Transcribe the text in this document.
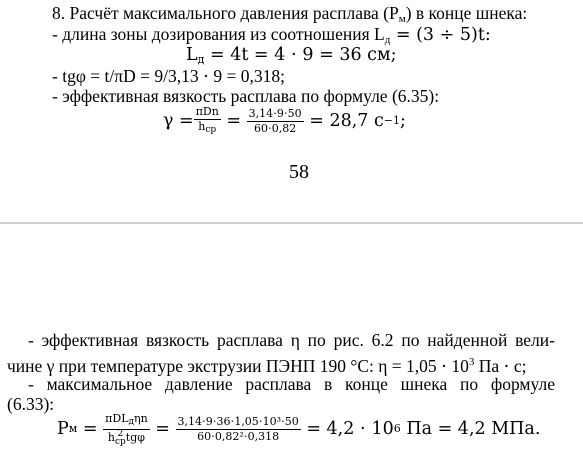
8. Расчёт максимального давления расплава $(Р_м)$ в конце шнека:
- длина зоны дозирования из соотношения $L_д = (3 \div 5)t$:
$L_д = 4t = 4 \cdot 9 = 36$ см;
- tgφ = t/πD = 9/3,13 ⋅ 9 = 0,318;
- эффективная вязкость расплава по формуле (6.35):
$\gamma = \frac{\text{πDn}}{\text{hср}} = \frac{3,14\cdot 9\cdot 50}{60\cdot 0,82} = 28,7$ с −1 ;
58
- эффективная вязкость расплава η по рис. 6.2 по найденной вели-
чине γ при температуре экструзии ПЭНП 190 °С: $\eta = 1,05 \cdot 10^3$ Па ⋅ с;
- максимальное давление расплава в конце шнека по формуле
(6.33):
Р м = πDLдηn
h 2
ср $tg\varphi = \frac{\text{3,14⋅9⋅36⋅1,05⋅10³⋅50}}{\text{60⋅0,82²⋅0,318}} = 4,2 \cdot 10$ 6 Па = 4,2 МПа.
